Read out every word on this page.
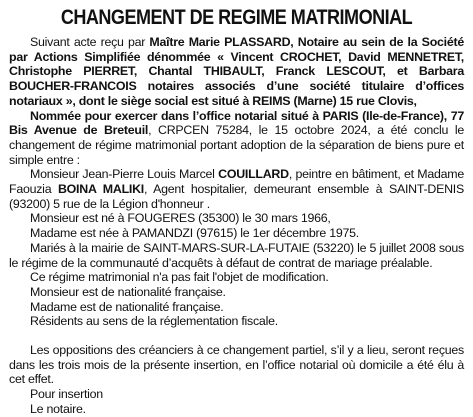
CHANGEMENT DE REGIME MATRIMONIAL

Suivant acte reçu par Maître Marie PLASSARD, Notaire au sein de la Société par Actions Simplifiée dénommée « Vincent CROCHET, David MENNETRET, Christophe PIERRET, Chantal THIBAULT, Franck LESCOUT, et Barbara BOUCHER-FRANCOIS notaires associés d’une société titulaire d’offices notariaux », dont le siège social est situé à REIMS (Marne) 15 rue Clovis,

Nommée pour exercer dans l’office notarial situé à PARIS (Ile-de-France), 77 Bis Avenue de Breteuil, CRPCEN 75284, le 15 octobre 2024, a été conclu le changement de régime matrimonial portant adoption de la séparation de biens pure et simple entre :

Monsieur Jean-Pierre Louis Marcel COUILLARD, peintre en bâtiment, et Madame Faouzia BOINA MALIKI, Agent hospitalier, demeurant ensemble à SAINT-DENIS (93200) 5 rue de la Légion d'honneur .

Monsieur est né à FOUGERES (35300) le 30 mars 1966,

Madame est née à PAMANDZI (97615) le 1er décembre 1975.

Mariés à la mairie de SAINT-MARS-SUR-LA-FUTAIE (53220) le 5 juillet 2008 sous le régime de la communauté d’acquêts à défaut de contrat de mariage préalable.

Ce régime matrimonial n'a pas fait l'objet de modification.

Monsieur est de nationalité française.

Madame est de nationalité française.

Résidents au sens de la réglementation fiscale.

Les oppositions des créanciers à ce changement partiel, s’il y a lieu, seront reçues dans les trois mois de la présente insertion, en l’office notarial où domicile a été élu à cet effet.

Pour insertion

Le notaire.
